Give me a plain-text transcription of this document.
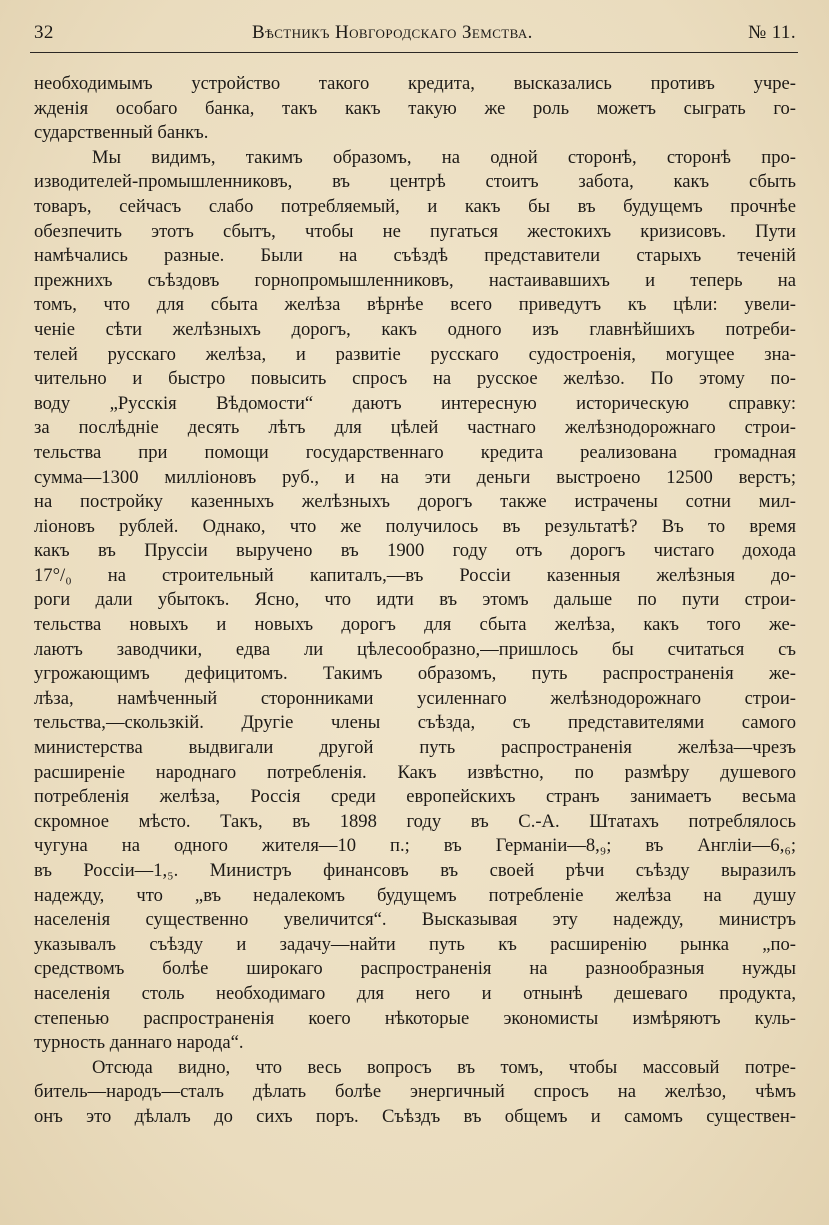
32	Вѣстникъ Новгородскаго Земства.	№ 11.
необходимымъ устройство такого кредита, высказались противъ учре-
жденія особаго банка, такъ какъ такую же роль можетъ сыграть го-
сударственный банкъ.
Мы видимъ, такимъ образомъ, на одной сторонѣ, сторонѣ про-
изводителей-промышленниковъ, въ центрѣ стоитъ забота, какъ сбыть
товаръ, сейчасъ слабо потребляемый, и какъ бы въ будущемъ прочнѣе
обезпечить этотъ сбытъ, чтобы не пугаться жестокихъ кризисовъ. Пути
намѣчались разные. Были на съѣздѣ представители старыхъ теченій
прежнихъ съѣздовъ горнопромышленниковъ, настаивавшихъ и теперь на
томъ, что для сбыта желѣза вѣрнѣе всего приведутъ къ цѣли: увели-
ченіе сѣти желѣзныхъ дорогъ, какъ одного изъ главнѣйшихъ потреби-
телей русскаго желѣза, и развитіе русскаго судостроенія, могущее зна-
чительно и быстро повысить спросъ на русское желѣзо. По этому по-
воду „Русскія Вѣдомости“ даютъ интересную историческую справку:
за послѣдніе десять лѣтъ для цѣлей частнаго желѣзнодорожнаго строи-
тельства при помощи государственнаго кредита реализована громадная
сумма—1300 милліоновъ руб., и на эти деньги выстроено 12500 верстъ;
на постройку казенныхъ желѣзныхъ дорогъ также истрачены сотни мил-
ліоновъ рублей. Однако, что же получилось въ результатѣ? Въ то время
какъ въ Пруссіи выручено въ 1900 году отъ дорогъ чистаго дохода
17°/₀ на строительный капиталъ,—въ Россіи казенныя желѣзныя до-
роги дали убытокъ. Ясно, что идти въ этомъ дальше по пути строи-
тельства новыхъ и новыхъ дорогъ для сбыта желѣза, какъ того же-
лаютъ заводчики, едва ли цѣлесообразно,—пришлось бы считаться съ
угрожающимъ дефицитомъ. Такимъ образомъ, путь распространенія же-
лѣза, намѣченный сторонниками усиленнаго желѣзнодорожнаго строи-
тельства,—скользкій. Другіе члены съѣзда, съ представителями самого
министерства выдвигали другой путь распространенія желѣза—чрезъ
расширеніе народнаго потребленія. Какъ извѣстно, по размѣру душевого
потребленія желѣза, Россія среди европейскихъ странъ занимаетъ весьма
скромное мѣсто. Такъ, въ 1898 году въ С.-А. Штатахъ потреблялось
чугуна на одного жителя—10 п.; въ Германіи—8,₉; въ Англіи—6,₆;
въ Россіи—1,₅. Министръ финансовъ въ своей рѣчи съѣзду выразилъ
надежду, что „въ недалекомъ будущемъ потребленіе желѣза на душу
населенія существенно увеличится“. Высказывая эту надежду, министръ
указывалъ съѣзду и задачу—найти путь къ расширенію рынка „по-
средствомъ болѣе широкаго распространенія на разнообразныя нужды
населенія столь необходимаго для него и отнынѣ дешеваго продукта,
степенью распространенія коего нѣкоторые экономисты измѣряютъ куль-
турность даннаго народа“.
Отсюда видно, что весь вопросъ въ томъ, чтобы массовый потре-
битель—народъ—сталъ дѣлать болѣе энергичный спросъ на желѣзо, чѣмъ
онъ это дѣлалъ до сихъ поръ. Съѣздъ въ общемъ и самомъ существен-
